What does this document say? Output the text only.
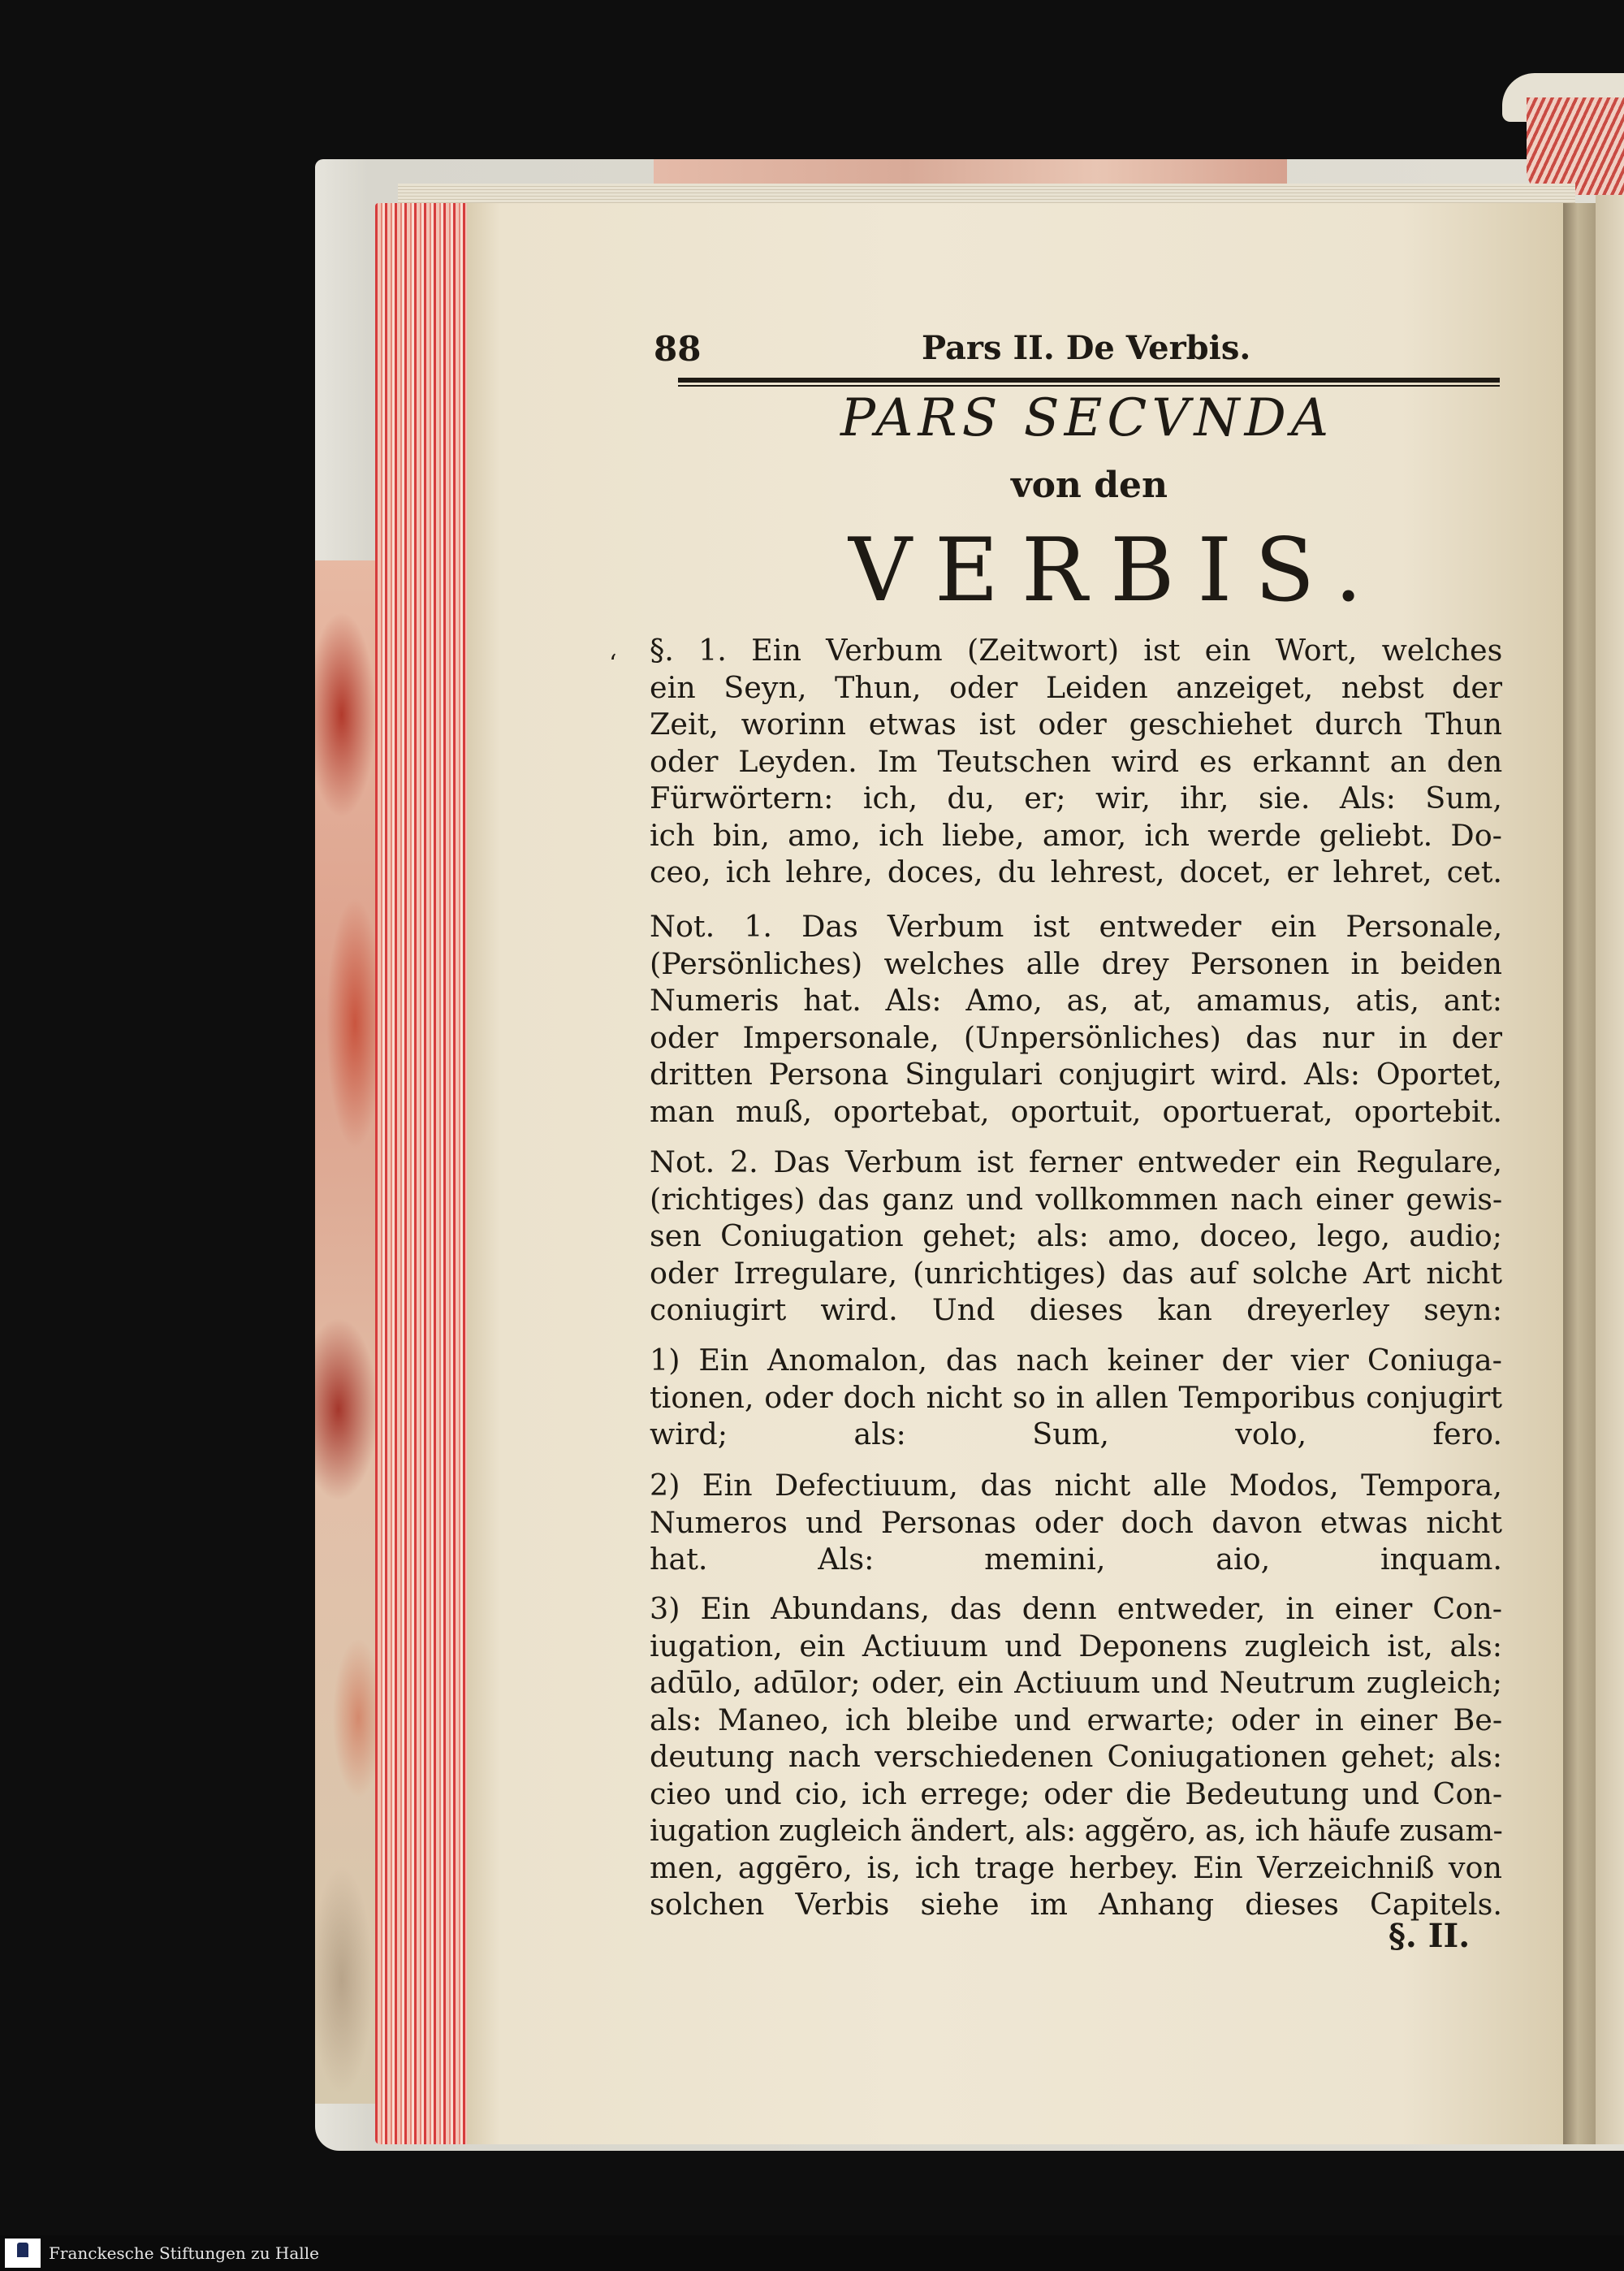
88	Pars II. De Verbis.
PARS SECVNDA
von den
VERBIS.
‘ §. 1. Ein Verbum (Zeitwort) ist ein Wort, welches
ein Seyn, Thun, oder Leiden anzeiget, nebst der
Zeit, worinn etwas ist oder geschiehet durch Thun
oder Leyden. Im Teutschen wird es erkannt an den
Fürwörtern: ich, du, er; wir, ihr, sie. Als: Sum,
ich bin, amo, ich liebe, amor, ich werde geliebt. Do-
ceo, ich lehre, doces, du lehrest, docet, er lehret, cet.
Not. 1. Das Verbum ist entweder ein Personale,
(Persönliches) welches alle drey Personen in beiden
Numeris hat. Als: Amo, as, at, amamus, atis, ant:
oder Impersonale, (Unpersönliches) das nur in der
dritten Persona Singulari conjugirt wird. Als: Oportet,
man muß, oportebat, oportuit, oportuerat, oportebit.
Not. 2. Das Verbum ist ferner entweder ein Regulare,
(richtiges) das ganz und vollkommen nach einer gewis-
sen Coniugation gehet; als: amo, doceo, lego, audio;
oder Irregulare, (unrichtiges) das auf solche Art nicht
coniugirt wird. Und dieses kan dreyerley seyn:
1) Ein Anomalon, das nach keiner der vier Coniuga-
tionen, oder doch nicht so in allen Temporibus conjugirt
wird; als: Sum, volo, fero.
2) Ein Defectiuum, das nicht alle Modos, Tempora,
Numeros und Personas oder doch davon etwas nicht
hat. Als: memini, aio, inquam.
3) Ein Abundans, das denn entweder, in einer Con-
iugation, ein Actiuum und Deponens zugleich ist, als:
adūlo, adūlor; oder, ein Actiuum und Neutrum zugleich;
als: Maneo, ich bleibe und erwarte; oder in einer Be-
deutung nach verschiedenen Coniugationen gehet; als:
cieo und cio, ich errege; oder die Bedeutung und Con-
iugation zugleich ändert, als: aggĕro, as, ich häufe zusam-
men, aggēro, is, ich trage herbey. Ein Verzeichniß von
solchen Verbis siehe im Anhang dieses Capitels.
§. II.
Franckesche Stiftungen zu Halle
